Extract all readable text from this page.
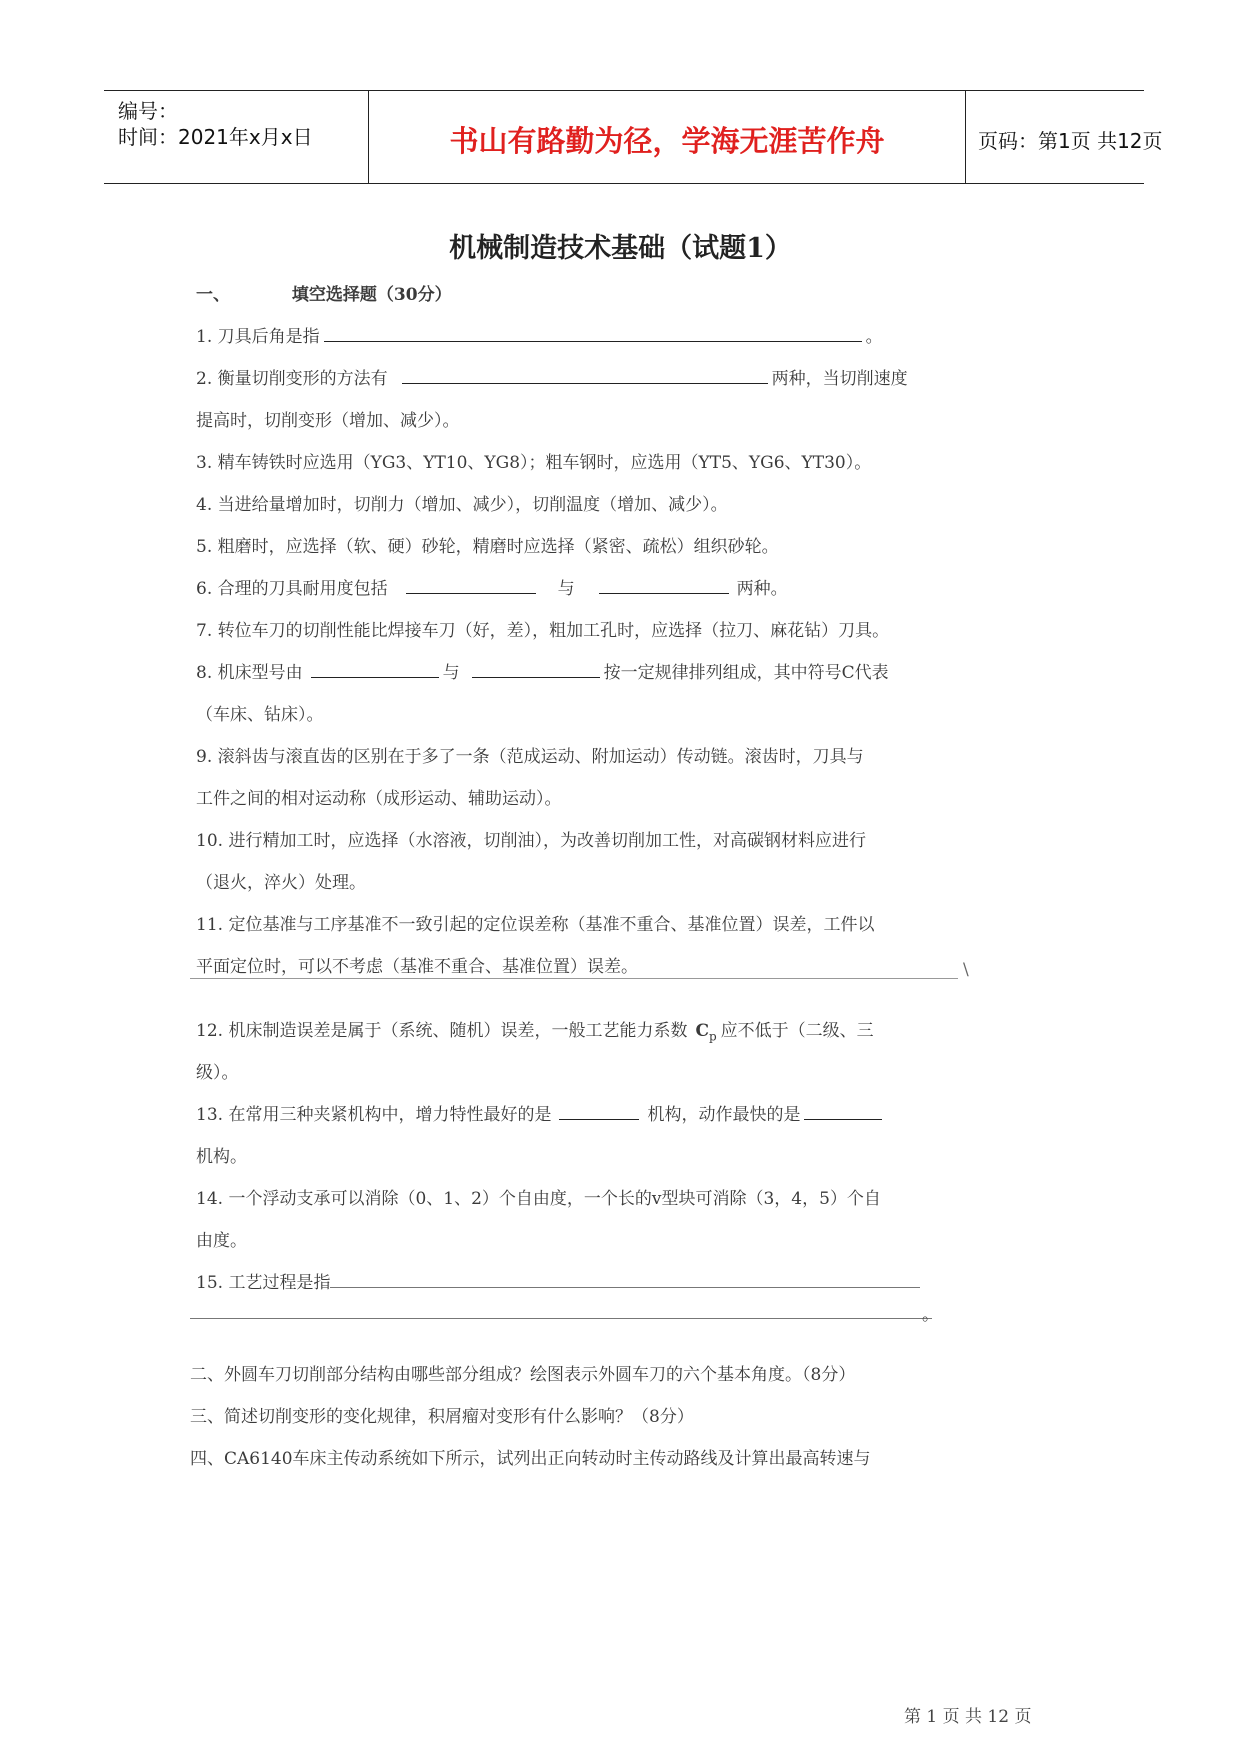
编号：
时间：2021年x月x日	书山有路勤为径，学海无涯苦作舟	页码：第1页 共12页
机械制造技术基础（试题1）
一、	填空选择题（30分）
1. 刀具后角是指	。
2. 衡量切削变形的方法有	两种，当切削速度
提高时，切削变形（增加、减少）。
3. 精车铸铁时应选用（YG3、YT10、YG8）；粗车钢时，应选用（YT5、YG6、YT30）。
4. 当进给量增加时，切削力（增加、减少），切削温度（增加、减少）。
5. 粗磨时，应选择（软、硬）砂轮，精磨时应选择（紧密、疏松）组织砂轮。
6. 合理的刀具耐用度包括	与	两种。
7. 转位车刀的切削性能比焊接车刀（好，差），粗加工孔时，应选择（拉刀、麻花钻）刀具。
8. 机床型号由	与	按一定规律排列组成，其中符号C代表
（车床、钻床）。
9. 滚斜齿与滚直齿的区别在于多了一条（范成运动、附加运动）传动链。滚齿时，刀具与
工件之间的相对运动称（成形运动、辅助运动）。
10. 进行精加工时，应选择（水溶液，切削油），为改善切削加工性，对高碳钢材料应进行
（退火，淬火）处理。
11. 定位基准与工序基准不一致引起的定位误差称（基准不重合、基准位置）误差，工件以
平面定位时，可以不考虑（基准不重合、基准位置）误差。	\
12. 机床制造误差是属于（系统、随机）误差，一般工艺能力系数 $C_p$ 应不低于（二级、三
级）。
13. 在常用三种夹紧机构中，增力特性最好的是	机构，动作最快的是
机构。
14. 一个浮动支承可以消除（0、1、2）个自由度，一个长的v型块可消除（3，4，5）个自
由度。
15. 工艺过程是指
。
二、外圆车刀切削部分结构由哪些部分组成？绘图表示外圆车刀的六个基本角度。（8分）
三、简述切削变形的变化规律，积屑瘤对变形有什么影响？（8分）
四、CA6140车床主传动系统如下所示，试列出正向转动时主传动路线及计算出最高转速与
第 1 页 共 12 页
